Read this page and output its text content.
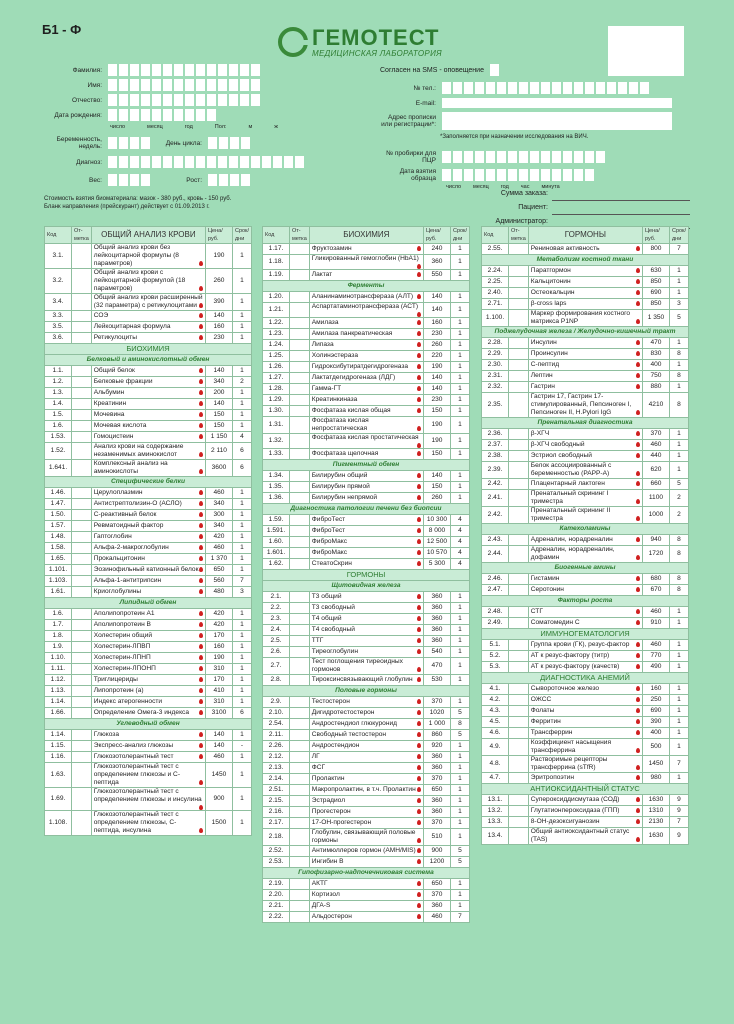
Б1 - Ф	ГЕМОТЕСТ
МЕДИЦИНСКАЯ ЛАБОРАТОРИЯ
Фамилия:
Имя:
Отчество:
Дата рождения:
число	месяц	год	Пол:	м	ж
Беременность, недель:	День цикла:
Диагноз:
Вес:	Рост:
Согласен на SMS - оповещение
№ тел.:
E-mail:
Адрес прописки или регистрации*:
*Заполняется при назначении исследования на ВИЧ.
№ пробирки для ПЦР
Дата взятия образца
число месяц год час минута
Стоимость взятия биоматериала: мазок - 380 руб., кровь - 150 руб.
Бланк направления (прейскурант) действует с 01.09.2013 г.
Сумма заказа:
Пациент:
Администратор:
Код	От- метка	ОБЩИЙ АНАЛИЗ КРОВИ	Цена/ руб.	Срок/ дни
3.1.		Общий анализ крови без лейкоцитарной формулы (8 параметров)	190	1
3.2.		Общий анализ крови с лейкоцитарной формулой (18 параметров)	260	1
3.4.		Общий анализ крови расширенный (32 параметра) с ретикулоцитами	390	1
3.3.		СОЭ	140	1
3.5.		Лейкоцитарная формула	160	1
3.6.		Ретикулоциты	230	1
БИОХИМИЯ				
Белковый и аминокислотный обмен				
1.1.		Общий белок	140	1
1.2.		Белковые фракции	340	2
1.3.		Альбумин	200	1
1.4.		Креатинин	140	1
1.5.		Мочевина	150	1
1.6.		Мочевая кислота	150	1
1.53.		Гомоцистеин	1 150	4
1.52.		Анализ крови на содержание незаменимых аминокислот	2 110	6
1.641.		Комплексный анализ на аминокислоты	3600	6
Специфические белки				
1.46.		Церулоплазмин	460	1
1.47.		Антистрептолизин-О (АСЛО)	340	1
1.50.		С-реактивный белок	300	1
1.57.		Ревматоидный фактор	340	1
1.48.		Гаптоглобин	420	1
1.58.		Альфа-2-макроглобулин	460	1
1.65.		Прокальцитонин	1 370	1
1.101.		Эозинофильный катионный белок	650	1
1.103.		Альфа-1-антитрипсин	560	7
1.61.		Криоглобулины	480	3
Липидный обмен				
1.6.		Аполипопротеин А1	420	1
1.7.		Аполипопротеин В	420	1
1.8.		Холестерин общий	170	1
1.9.		Холестерин-ЛПВП	160	1
1.10.		Холестерин-ЛПНП	190	1
1.11.		Холестерин-ЛПОНП	310	1
1.12.		Триглицериды	170	1
1.13.		Липопротеин (а)	410	1
1.14.		Индекс атерогенности	310	1
1.66.		Определение Омега-3 индекса	3100	6
Углеводный обмен				
1.14.		Глюкоза	140	1
1.15.		Экспресс-анализ глюкозы	140	-
1.16.		Глюкозотолерантный тест	460	1
1.63.		Глюкозотолерантный тест с определением глюкозы и С-пептида	1450	1
1.69.		Глюкозотолерантный тест с определением глюкозы и инсулина	900	1
1.108.		Глюкозотолерантный тест с определением глюкозы, С-пептида, инсулина	1500	1
Код	От- метка	БИОХИМИЯ	Цена/ руб.	Срок/ дни
1.17.		Фруктозамин	240	1
1.18.		Гликированный гемоглобин (HbA1)	360	1
1.19.		Лактат	550	1
Ферменты				
1.20.		Аланинаминотрансфераза (АЛТ)	140	1
1.21.		Аспартатаминотрансфераза (АСТ)	140	1
1.22.		Амилаза	160	1
1.23.		Амилаза панкреатическая	230	1
1.24.		Липаза	260	1
1.25.		Холинэстераза	220	1
1.26.		Гидроксибутиратдегидрогеназа	190	1
1.27.		Лактатдегидрогеназа (ЛДГ)	140	1
1.28.		Гамма-ГТ	140	1
1.29.		Креатинкиназа	230	1
1.30.		Фосфатаза кислая общая	150	1
1.31.		Фосфатаза кислая непростатическая	190	1
1.32.		Фосфатаза кислая простатическая	190	1
1.33.		Фосфатаза щелочная	150	1
Пигментный обмен				
1.34.		Билирубин общий	140	1
1.35.		Билирубин прямой	150	1
1.36.		Билирубин непрямой	260	1
Диагностика патологии печени без биопсии				
1.59.		ФиброТест	10 300	4
1.591.		ФиброТест	8 000	4
1.60.		ФиброМакс	12 500	4
1.601.		ФиброМакс	10 570	4
1.62.		СтеатоСкрин	5 300	4
ГОРМОНЫ				
Щитовидная железа				
2.1.		Т3 общий	360	1
2.2.		Т3 свободный	360	1
2.3.		Т4 общий	360	1
2.4.		Т4 свободный	360	1
2.5.		ТТГ	360	1
2.6.		Тиреоглобулин	540	1
2.7.		Тест поглощения тиреоидных гормонов	470	1
2.8.		Тироксинсвязывающий глобулин	530	1
Половые гормоны				
2.9.		Тестостерон	370	1
2.10.		Дигидротестостерон	1020	5
2.54.		Андростендиол глюкуронид	1 000	8
2.11.		Свободный тестостерон	860	5
2.26.		Андростендион	920	1
2.12.		ЛГ	360	1
2.13.		ФСГ	360	1
2.14.		Пролактин	370	1
2.51.		Макропролактин, в т.ч. Пролактин	650	1
2.15.		Эстрадиол	360	1
2.16.		Прогестерон	360	1
2.17.		17-ОН-прогестерон	370	1
2.18.		Глобулин, связывающий половые гормоны	510	1
2.52.		Антимюллеров гормон (AMH/MIS)	900	5
2.53.		Ингибин В	1200	5
Гипофизарно-надпочечниковая система				
2.19.		АКТГ	650	1
2.20.		Кортизол	370	1
2.21.		ДГА-S	360	1
2.22.		Альдостерон	460	7
Код	От- метка	ГОРМОНЫ	Цена/ руб.	Срок/ дни
2.55.		Рениновая активность	800	7
Метаболизм костной ткани				
2.24.		Паратгормон	630	1
2.25.		Кальцитонин	850	1
2.40.		Остеокальцин	690	1
2.71.		β-cross laps	850	3
1.100.		Маркер формирования костного матрикса P1NP	1 350	5
Поджелудочная железа / Желудочно-кишечный тракт				
2.28.		Инсулин	470	1
2.29.		Проинсулин	830	8
2.30.		С-пептид	400	1
2.31.		Лептин	750	8
2.32.		Гастрин	880	1
2.35.		Гастрин 17, Гастрин 17-стимулированный, Пепсиноген I, Пепсиноген II, H.Pylori IgG	4210	8
Пренатальная диагностика				
2.36.		β-ХГЧ	370	1
2.37.		β-ХГЧ свободный	460	1
2.38.		Эстриол свободный	440	1
2.39.		Белок ассоциированный с беременностью (PAPP-A)	620	1
2.42.		Плацентарный лактоген	660	5
2.41.		Пренатальный скрининг I триместра	1100	2
2.42.		Пренатальный скрининг II триместра	1000	2
Катехоламины				
2.43.		Адреналин, норадреналин	940	8
2.44.		Адреналин, норадреналин, дофамин	1720	8
Биогенные амины				
2.46.		Гистамин	680	8
2.47.		Серотонин	670	8
Факторы роста				
2.48.		СТГ	460	1
2.49.		Соматомедин С	910	1
ИММУНОГЕМАТОЛОГИЯ				
5.1.		Группа крови (ГК), резус-фактор	460	1
5.2.		АТ к резус-фактору (титр)	770	1
5.3.		АТ к резус-фактору (качеств)	490	1
ДИАГНОСТИКА АНЕМИЙ				
4.1.		Сывороточное железо	160	1
4.2.		ОЖСС	250	1
4.3.		Фолаты	690	1
4.5.		Ферритин	390	1
4.6.		Трансферрин	400	1
4.9.		Коэффициент насыщения трансферрина	500	1
4.8.		Растворимые рецепторы трансферрина (sTfR)	1450	7
4.7.		Эритропоэтин	980	1
АНТИОКСИДАНТНЫЙ СТАТУС				
13.1.		Супероксиддисмутаза (СОД)	1630	9
13.2.		Глутатионпероксидаза (ГПП)	1310	9
13.3.		8-ОН-дезоксигуанозин	2130	7
13.4.		Общий антиоксидантный статус (TAS)	1630	9
